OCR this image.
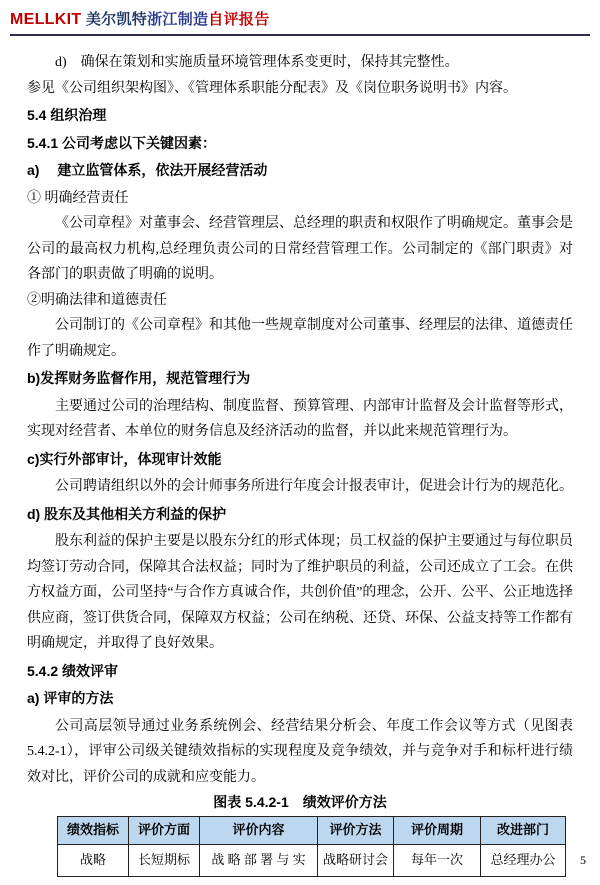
MELLKIT 美尔凯特浙江制造自评报告

d)　确保在策划和实施质量环境管理体系变更时，保持其完整性。

参见《公司组织架构图》、《管理体系职能分配表》及《岗位职务说明书》内容。

5.4 组织治理

5.4.1 公司考虑以下关键因素：

a)　 建立监管体系，依法开展经营活动

① 明确经营责任

《公司章程》对董事会、经营管理层、总经理的职责和权限作了明确规定。董事会是公司的最高权力机构,总经理负责公司的日常经营管理工作。公司制定的《部门职责》对各部门的职责做了明确的说明。

②明确法律和道德责任

公司制订的《公司章程》和其他一些规章制度对公司董事、经理层的法律、道德责任作了明确规定。

b)发挥财务监督作用，规范管理行为

主要通过公司的治理结构、制度监督、预算管理、内部审计监督及会计监督等形式，实现对经营者、本单位的财务信息及经济活动的监督，并以此来规范管理行为。

c)实行外部审计，体现审计效能

公司聘请组织以外的会计师事务所进行年度会计报表审计，促进会计行为的规范化。

d) 股东及其他相关方利益的保护

股东利益的保护主要是以股东分红的形式体现；员工权益的保护主要通过与每位职员均签订劳动合同，保障其合法权益；同时为了维护职员的利益，公司还成立了工会。在供方权益方面，公司坚持“与合作方真诚合作，共创价值”的理念，公开、公平、公正地选择供应商，签订供货合同，保障双方权益；公司在纳税、还贷、环保、公益支持等工作都有明确规定，并取得了良好效果。

5.4.2 绩效评审

a) 评审的方法

公司高层领导通过业务系统例会、经营结果分析会、年度工作会议等方式（见图表 5.4.2-1），评审公司级关键绩效指标的实现程度及竞争绩效，并与竞争对手和标杆进行绩效对比，评价公司的成就和应变能力。

图表 5.4.2-1　绩效评价方法

绩效指标	评价方面	评价内容	评价方法	评价周期	改进部门
战略	长短期标	战 略 部 署 与 实	战略研讨会	每年一次	总经理办公 5
